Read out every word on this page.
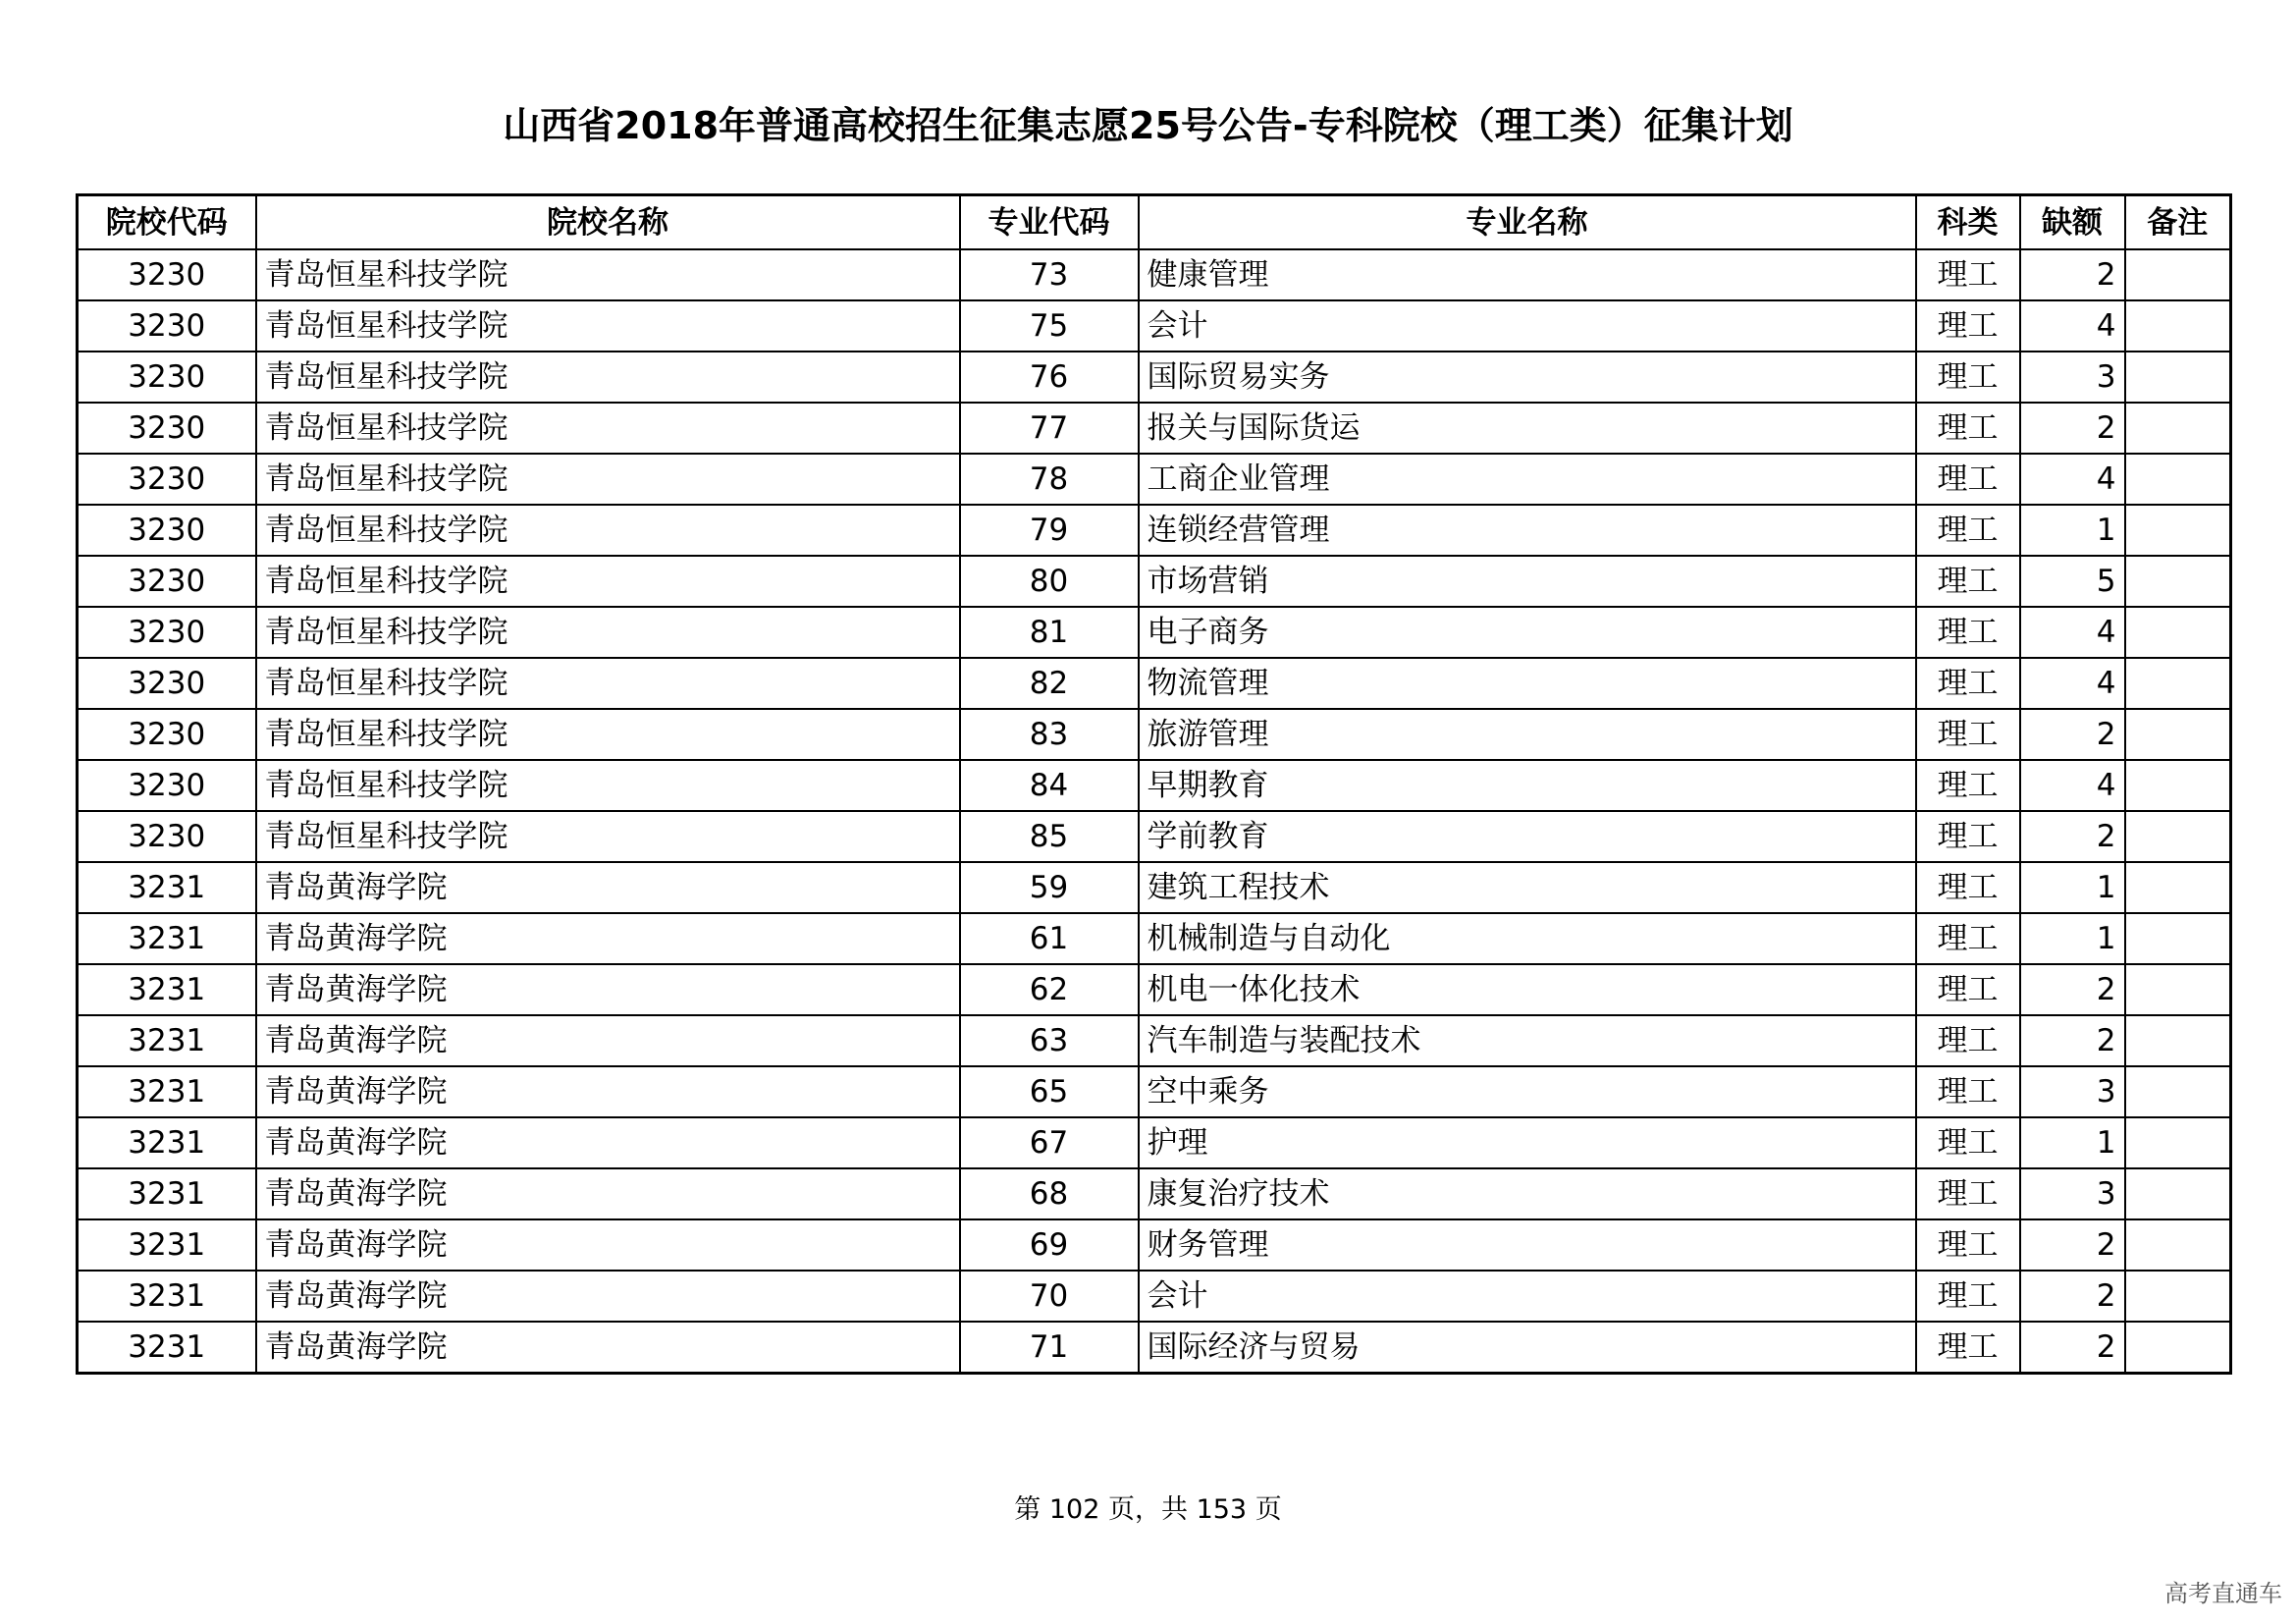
山西省2018年普通高校招生征集志愿25号公告-专科院校（理工类）征集计划
院校代码	院校名称	专业代码	专业名称	科类	缺额	备注
3230	青岛恒星科技学院	73	健康管理	理工	2	
3230	青岛恒星科技学院	75	会计	理工	4	
3230	青岛恒星科技学院	76	国际贸易实务	理工	3	
3230	青岛恒星科技学院	77	报关与国际货运	理工	2	
3230	青岛恒星科技学院	78	工商企业管理	理工	4	
3230	青岛恒星科技学院	79	连锁经营管理	理工	1	
3230	青岛恒星科技学院	80	市场营销	理工	5	
3230	青岛恒星科技学院	81	电子商务	理工	4	
3230	青岛恒星科技学院	82	物流管理	理工	4	
3230	青岛恒星科技学院	83	旅游管理	理工	2	
3230	青岛恒星科技学院	84	早期教育	理工	4	
3230	青岛恒星科技学院	85	学前教育	理工	2	
3231	青岛黄海学院	59	建筑工程技术	理工	1	
3231	青岛黄海学院	61	机械制造与自动化	理工	1	
3231	青岛黄海学院	62	机电一体化技术	理工	2	
3231	青岛黄海学院	63	汽车制造与装配技术	理工	2	
3231	青岛黄海学院	65	空中乘务	理工	3	
3231	青岛黄海学院	67	护理	理工	1	
3231	青岛黄海学院	68	康复治疗技术	理工	3	
3231	青岛黄海学院	69	财务管理	理工	2	
3231	青岛黄海学院	70	会计	理工	2	
3231	青岛黄海学院	71	国际经济与贸易	理工	2	
第 102 页，共 153 页
高考直通车
